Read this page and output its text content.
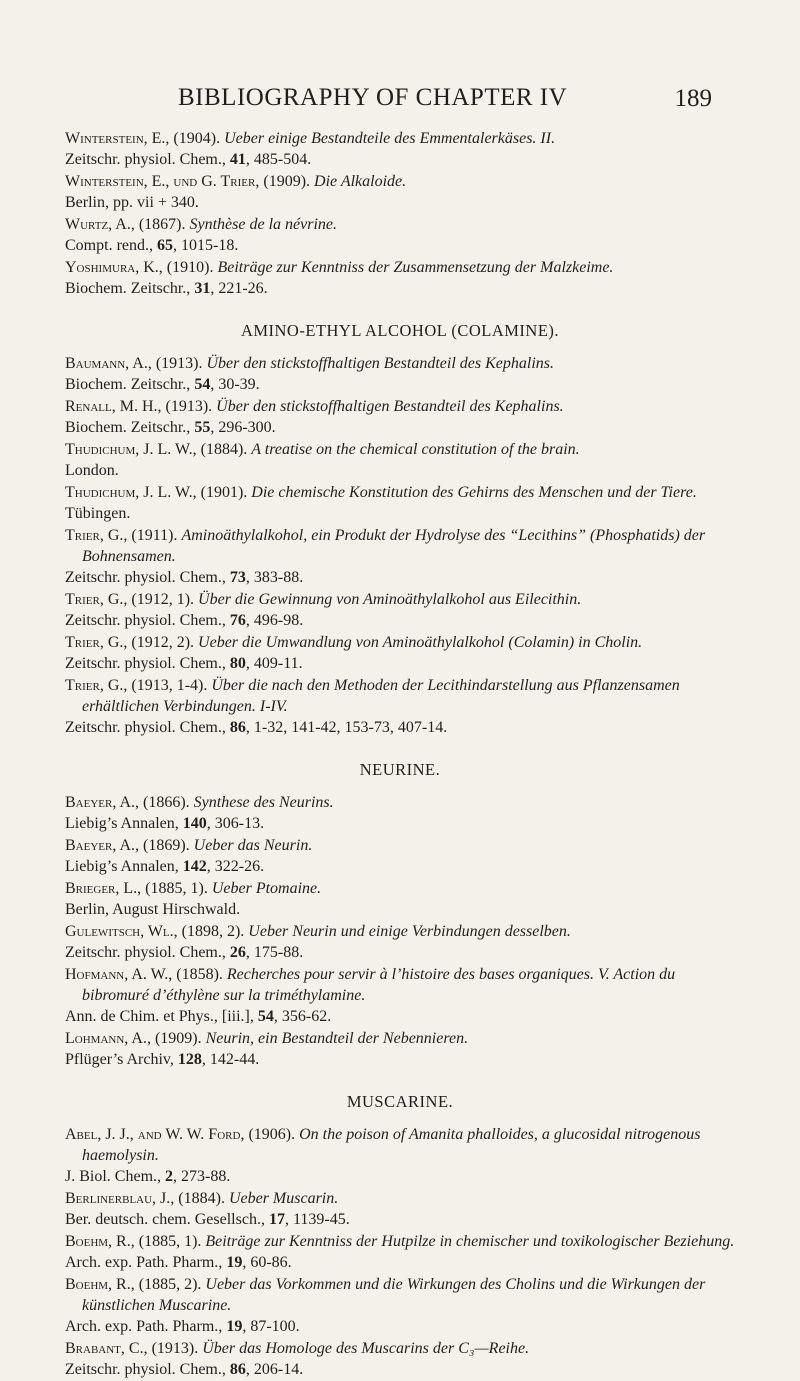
BIBLIOGRAPHY OF CHAPTER IV	189
Winterstein, E., (1904). Ueber einige Bestandteile des Emmentalerkäses. II.
Zeitschr. physiol. Chem., 41, 485-504.
Winterstein, E., und G. Trier, (1909). Die Alkaloide.
Berlin, pp. vii + 340.
Wurtz, A., (1867). Synthèse de la névrine.
Compt. rend., 65, 1015-18.
Yoshimura, K., (1910). Beiträge zur Kenntniss der Zusammensetzung der Malzkeime.
Biochem. Zeitschr., 31, 221-26.
AMINO-ETHYL ALCOHOL (COLAMINE).
Baumann, A., (1913). Über den stickstoffhaltigen Bestandteil des Kephalins.
Biochem. Zeitschr., 54, 30-39.
Renall, M. H., (1913). Über den stickstoffhaltigen Bestandteil des Kephalins.
Biochem. Zeitschr., 55, 296-300.
Thudichum, J. L. W., (1884). A treatise on the chemical constitution of the brain.
London.
Thudichum, J. L. W., (1901). Die chemische Konstitution des Gehirns des Menschen und der Tiere.
Tübingen.
Trier, G., (1911). Aminoäthylalkohol, ein Produkt der Hydrolyse des “Lecithins” (Phosphatids) der Bohnensamen.
Zeitschr. physiol. Chem., 73, 383-88.
Trier, G., (1912, 1). Über die Gewinnung von Aminoäthylalkohol aus Eilecithin.
Zeitschr. physiol. Chem., 76, 496-98.
Trier, G., (1912, 2). Ueber die Umwandlung von Aminoäthylalkohol (Colamin) in Cholin.
Zeitschr. physiol. Chem., 80, 409-11.
Trier, G., (1913, 1-4). Über die nach den Methoden der Lecithindarstellung aus Pflanzensamen erhältlichen Verbindungen. I-IV.
Zeitschr. physiol. Chem., 86, 1-32, 141-42, 153-73, 407-14.
NEURINE.
Baeyer, A., (1866). Synthese des Neurins.
Liebig’s Annalen, 140, 306-13.
Baeyer, A., (1869). Ueber das Neurin.
Liebig’s Annalen, 142, 322-26.
Brieger, L., (1885, 1). Ueber Ptomaine.
Berlin, August Hirschwald.
Gulewitsch, Wl., (1898, 2). Ueber Neurin und einige Verbindungen desselben.
Zeitschr. physiol. Chem., 26, 175-88.
Hofmann, A. W., (1858). Recherches pour servir à l’histoire des bases organiques. V. Action du bibromuré d’éthylène sur la triméthylamine.
Ann. de Chim. et Phys., [iii.], 54, 356-62.
Lohmann, A., (1909). Neurin, ein Bestandteil der Nebennieren.
Pflüger’s Archiv, 128, 142-44.
MUSCARINE.
Abel, J. J., and W. W. Ford, (1906). On the poison of Amanita phalloides, a glucosidal nitrogenous haemolysin.
J. Biol. Chem., 2, 273-88.
Berlinerblau, J., (1884). Ueber Muscarin.
Ber. deutsch. chem. Gesellsch., 17, 1139-45.
Boehm, R., (1885, 1). Beiträge zur Kenntniss der Hutpilze in chemischer und toxikologischer Beziehung.
Arch. exp. Path. Pharm., 19, 60-86.
Boehm, R., (1885, 2). Ueber das Vorkommen und die Wirkungen des Cholins und die Wirkungen der künstlichen Muscarine.
Arch. exp. Path. Pharm., 19, 87-100.
Brabant, C., (1913). Über das Homologe des Muscarins der C₃—Reihe.
Zeitschr. physiol. Chem., 86, 206-14.
